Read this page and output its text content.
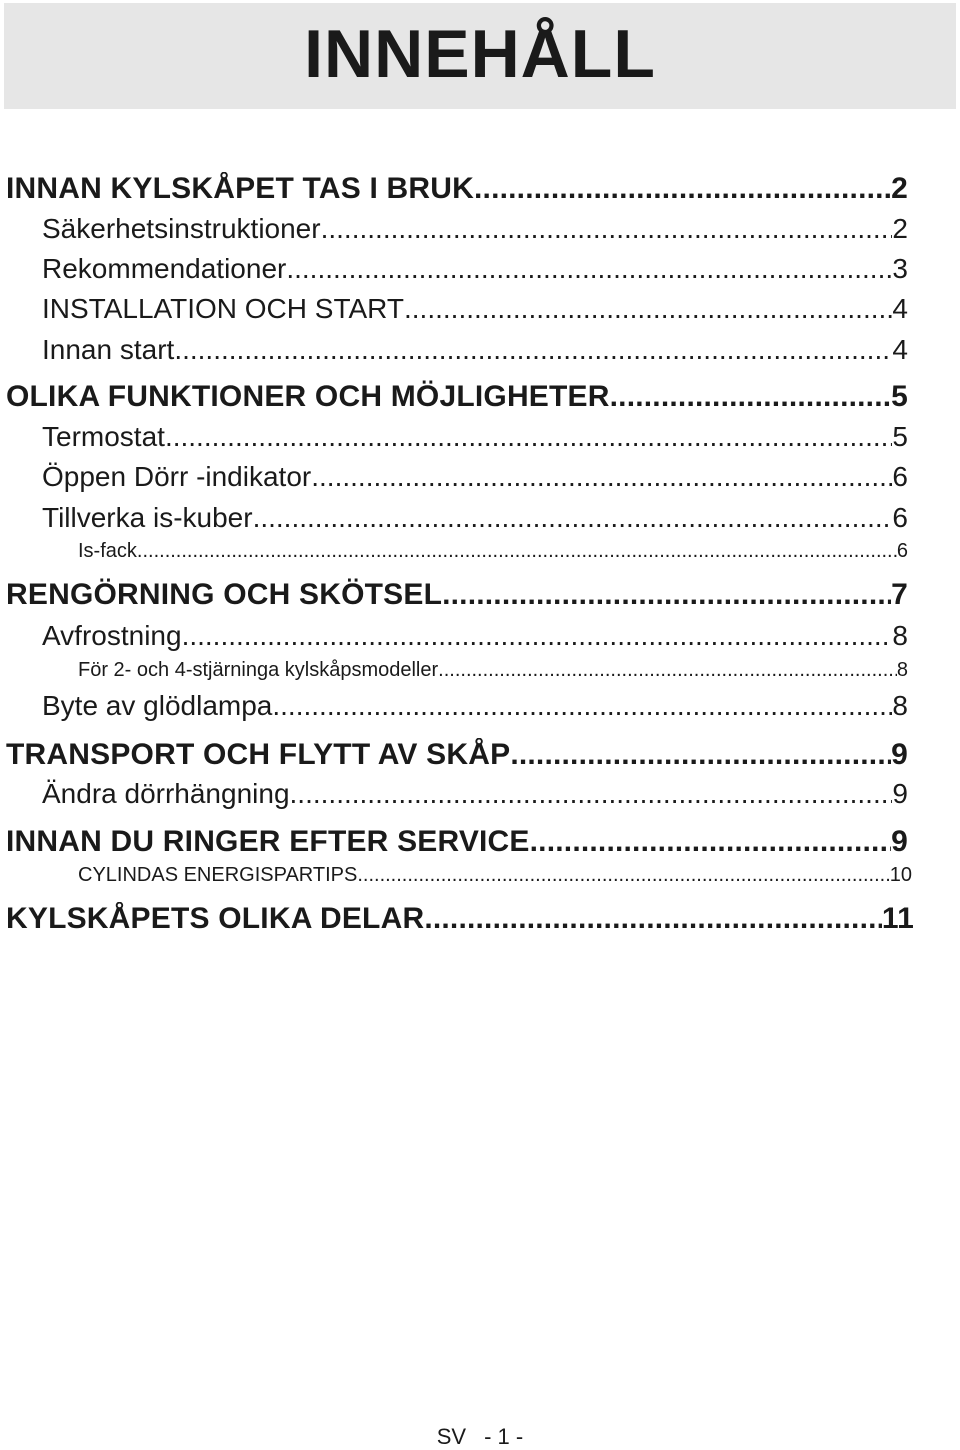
INNEHÅLL
INNAN KYLSKÅPET TAS I BRUK .....	2
Säkerhetsinstruktioner .....	2
Rekommendationer .....	3
INSTALLATION OCH START .....	4
Innan start .....	4
OLIKA FUNKTIONER OCH MÖJLIGHETER .....	5
Termostat .....	5
Öppen Dörr -indikator .....	6
Tillverka is-kuber .....	6
Is-fack .....	6
RENGÖRNING OCH SKÖTSEL .....	7
Avfrostning .....	8
För 2- och 4-stjärninga kylskåpsmodeller .....	8
Byte av glödlampa .....	8
TRANSPORT OCH FLYTT AV SKÅP .....	9
Ändra dörrhängning .....	9
INNAN DU RINGER EFTER SERVICE .....	9
CYLINDAS ENERGISPARTIPS .....	10
KYLSKÅPETS OLIKA DELAR .....	11
SV - 1 -
